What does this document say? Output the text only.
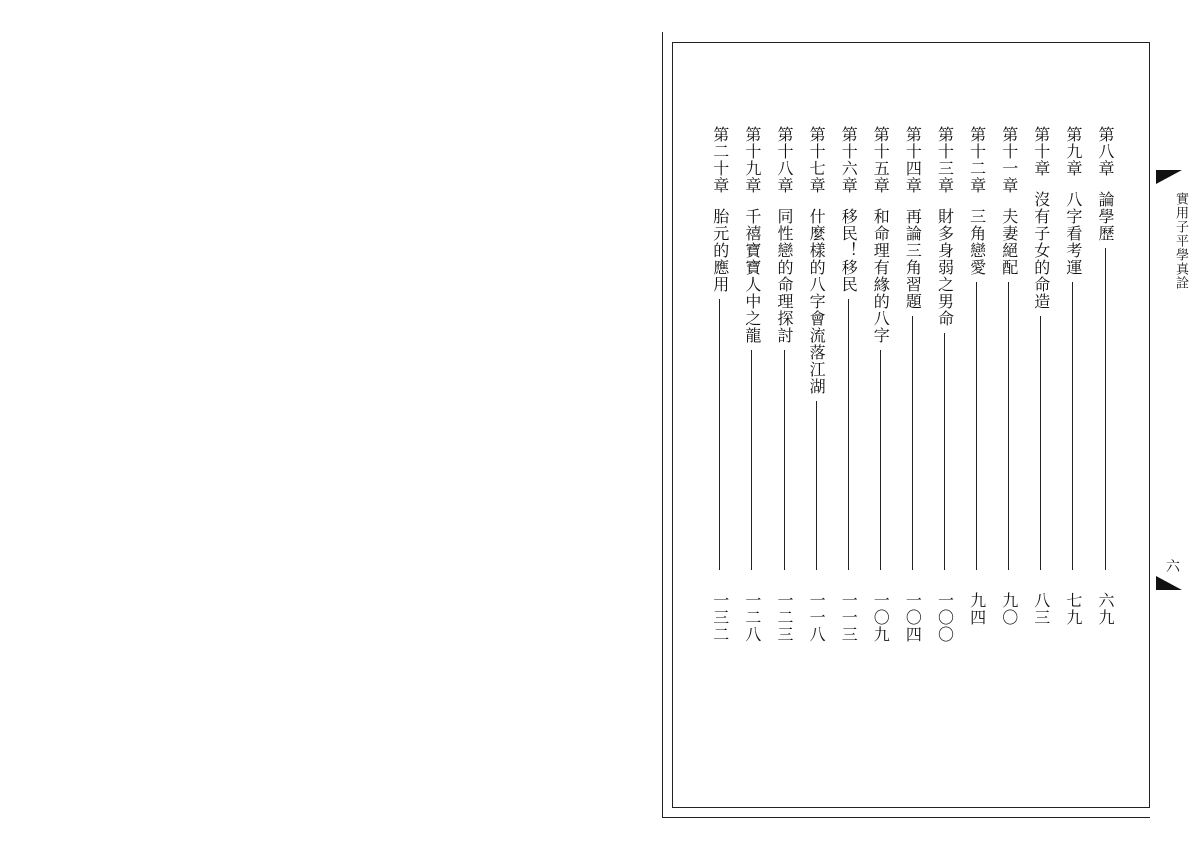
實用子平學真詮
六
第八章
論學歷
六九
第九章
八字看考運
七九
第十章
沒有子女的命造
八三
第十一章
夫妻絕配
九〇
第十二章
三角戀愛
九四
第十三章
財多身弱之男命
一〇〇
第十四章
再論三角習題
一〇四
第十五章
和命理有緣的八字
一〇九
第十六章
移民！移民
一一三
第十七章
什麼樣的八字會流落江湖
一一八
第十八章
同性戀的命理探討
一二三
第十九章
千禧寶寶人中之龍
一二八
第二十章
胎元的應用
一三二
